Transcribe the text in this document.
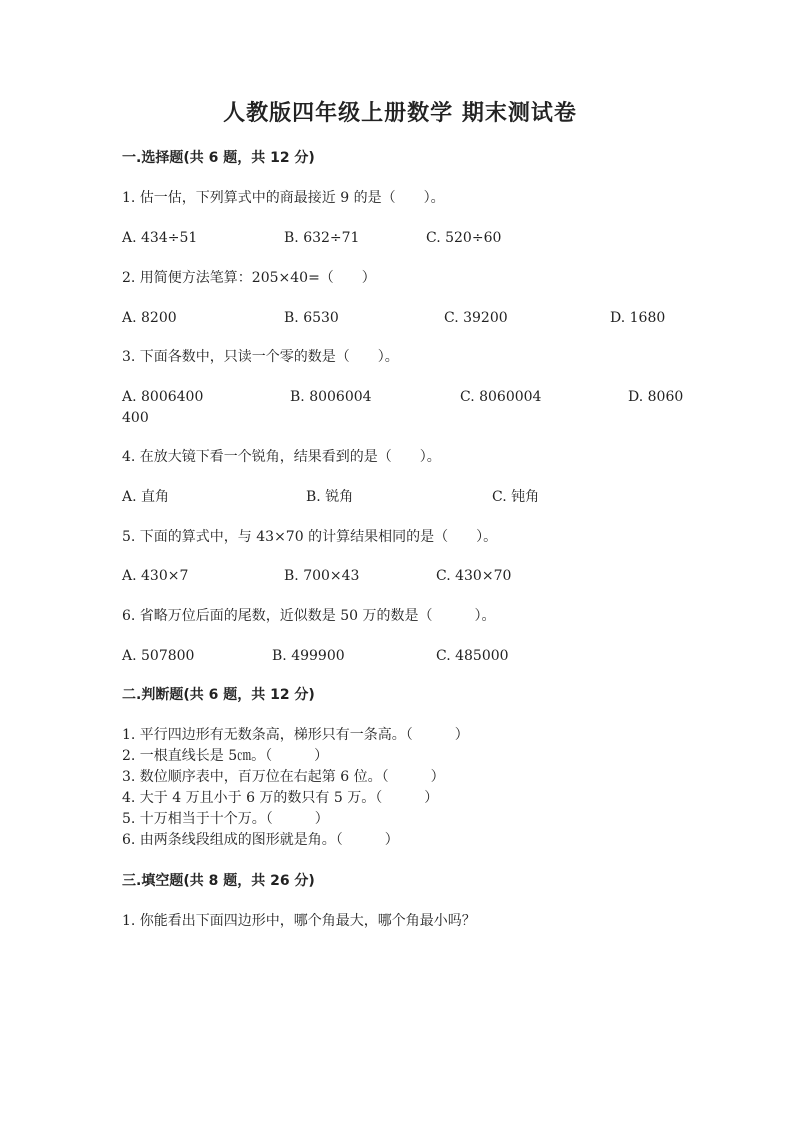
人教版四年级上册数学 期末测试卷
一.选择题(共 6 题，共 12 分)
1. 估一估，下列算式中的商最接近 9 的是（　　）。
A. 434÷51	B. 632÷71	C. 520÷60
2. 用简便方法笔算：205×40=（　　）
A. 8200	B. 6530	C. 39200	D. 1680
3. 下面各数中，只读一个零的数是（　　）。
A. 8006400	B. 8006004	C. 8060004	D. 8060
400
4. 在放大镜下看一个锐角，结果看到的是（　　）。
A. 直角	B. 锐角	C. 钝角
5. 下面的算式中，与 43×70 的计算结果相同的是（　　）。
A. 430×7	B. 700×43	C. 430×70
6. 省略万位后面的尾数，近似数是 50 万的数是（　　　）。
A. 507800	B. 499900	C. 485000
二.判断题(共 6 题，共 12 分)
1. 平行四边形有无数条高，梯形只有一条高。（　　　）
2. 一根直线长是 5㎝。（　　　）
3. 数位顺序表中，百万位在右起第 6 位。（　　　）
4. 大于 4 万且小于 6 万的数只有 5 万。（　　　）
5. 十万相当于十个万。（　　　）
6. 由两条线段组成的图形就是角。（　　　）
三.填空题(共 8 题，共 26 分)
1. 你能看出下面四边形中，哪个角最大，哪个角最小吗？
